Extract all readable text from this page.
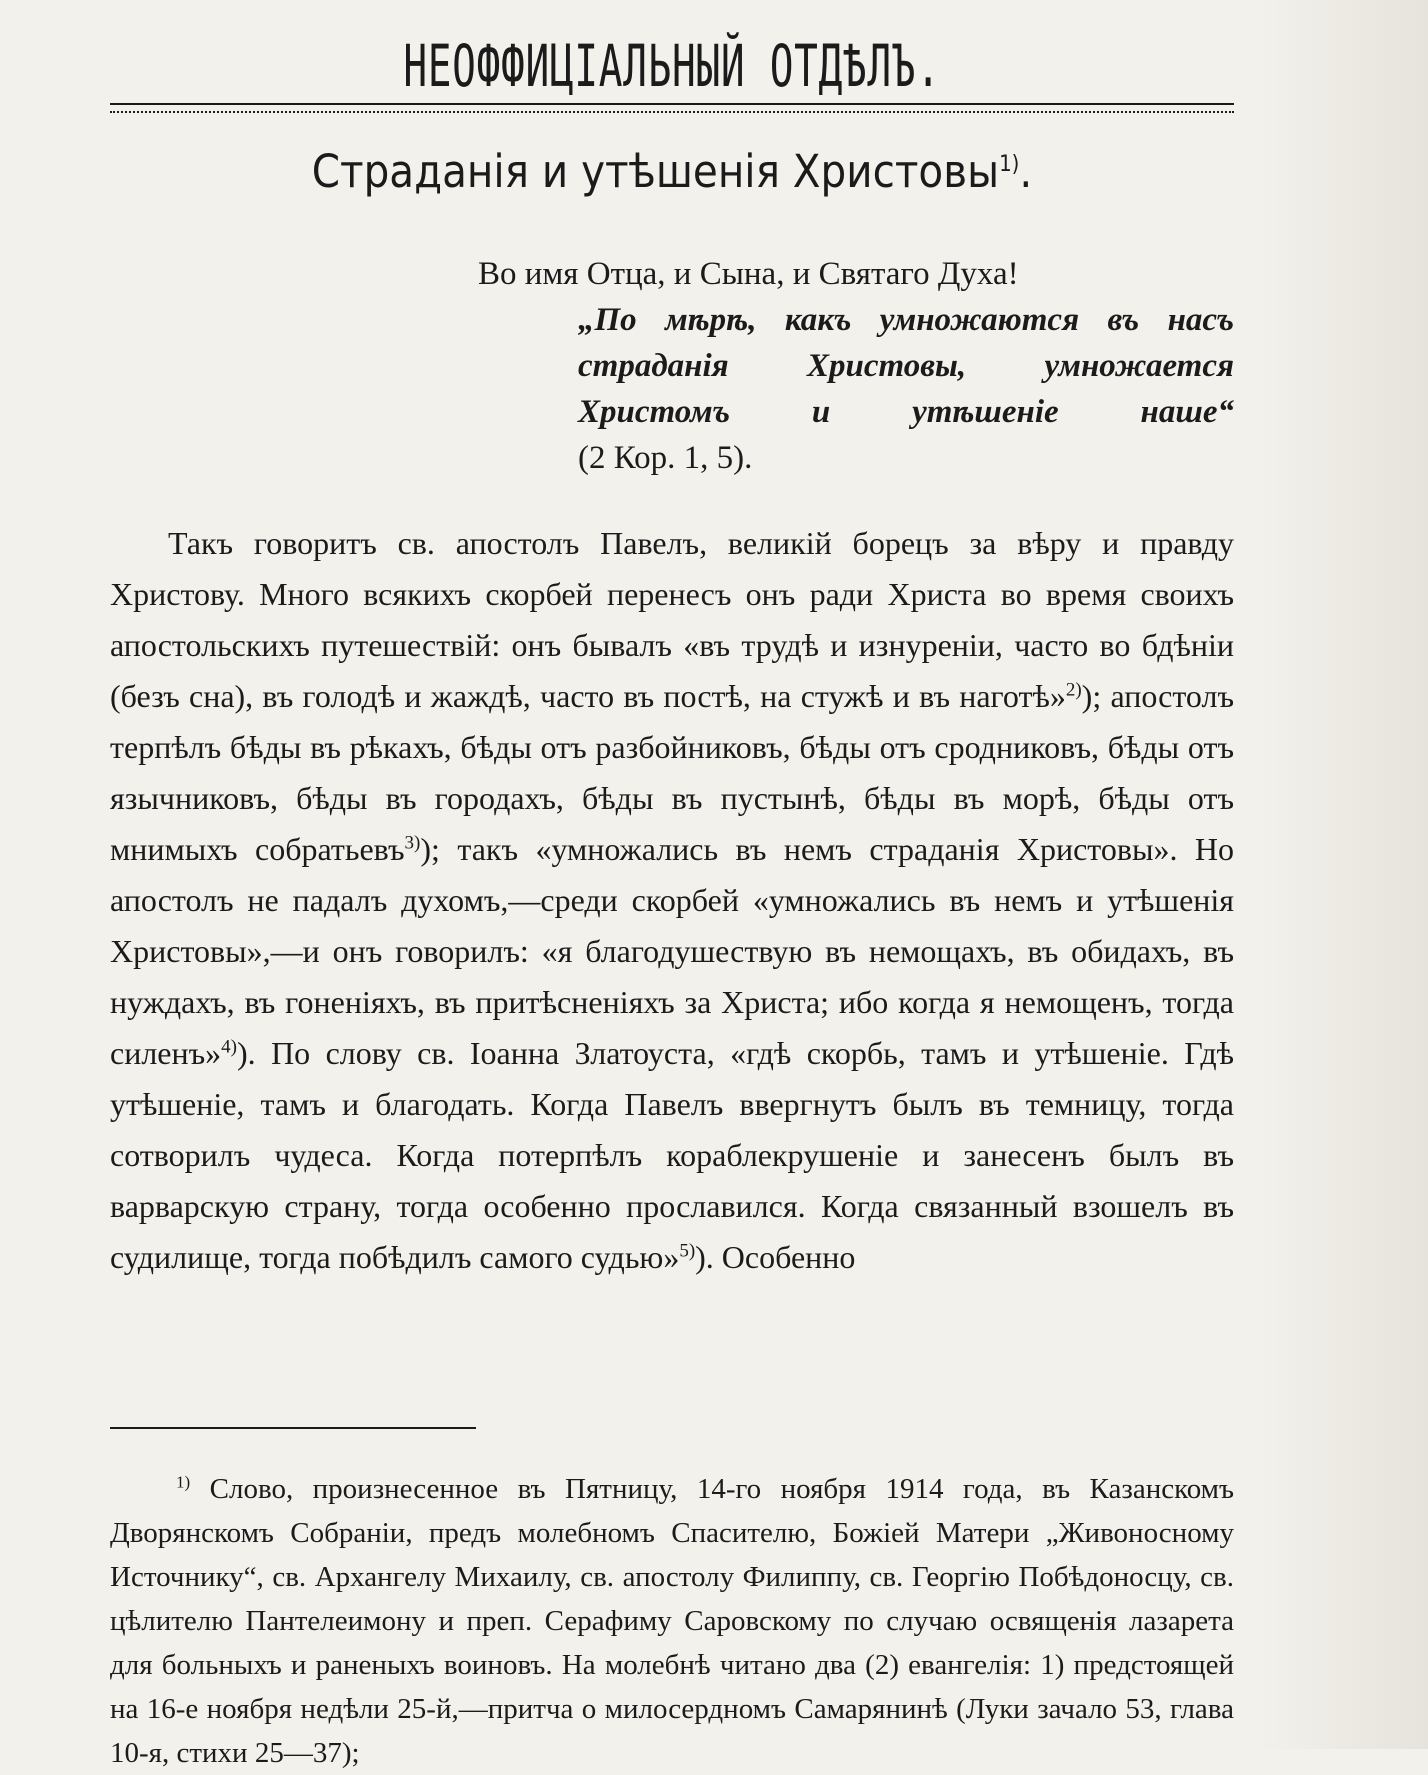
НЕОФФИЦІАЛЬНЫЙ ОТДѢЛЪ.
Страданія и утѣшенія Христовы$^{1)}$.
Во имя Отца, и Сына, и Святаго Духа!
„По мѣрѣ, какъ умножаются въ насъ страданія Христовы, умножается Христомъ и утѣшеніе наше“
(2 Кор. 1, 5).

Такъ говоритъ св. апостолъ Павелъ, великій борецъ за вѣру и правду Христову. Много всякихъ скорбей перенесъ онъ ради Христа во время своихъ апостольскихъ путешествій: онъ бывалъ «въ трудѣ и изнуреніи, часто во бдѣніи (безъ сна), въ голодѣ и жаждѣ, часто въ постѣ, на стужѣ и въ наготѣ»$^{2)}$); апостолъ терпѣлъ бѣды въ рѣкахъ, бѣды отъ разбойниковъ, бѣды отъ сродниковъ, бѣды отъ язычниковъ, бѣды въ городахъ, бѣды въ пустынѣ, бѣды въ морѣ, бѣды отъ мнимыхъ собратьевъ$^{3)}$); такъ «умножались въ немъ страданія Христовы». Но апостолъ не падалъ духомъ,—среди скорбей «умножались въ немъ и утѣшенія Христовы»,—и онъ говорилъ: «я благодушествую въ немощахъ, въ обидахъ, въ нуждахъ, въ гоненіяхъ, въ притѣсненіяхъ за Христа; ибо когда я немощенъ, тогда силенъ»$^{4)}$). По слову св. Іоанна Златоуста, «гдѣ скорбь, тамъ и утѣшеніе. Гдѣ утѣшеніе, тамъ и благодать. Когда Павелъ ввергнутъ былъ въ темницу, тогда сотворилъ чудеса. Когда потерпѣлъ кораблекрушеніе и занесенъ былъ въ варварскую страну, тогда особенно прославился. Когда связанный взошелъ въ судилище, тогда побѣдилъ самого судью»$^{5)}$). Особенно

$^{1)}$ Слово, произнесенное въ Пятницу, 14-го ноября 1914 года, въ Казанскомъ Дворянскомъ Собраніи, предъ молебномъ Спасителю, Божіей Матери „Живоносному Источнику“, св. Архангелу Михаилу, св. апостолу Филиппу, св. Георгію Побѣдоносцу, св. цѣлителю Пантелеимону и преп. Серафиму Саровскому по случаю освященія лазарета для больныхъ и раненыхъ воиновъ. На молебнѣ читано два (2) евангелія: 1) предстоящей на 16-е ноября недѣли 25-й,—притча о милосердномъ Самарянинѣ (Луки зачало 53, глава 10-я, стихи 25—37);
